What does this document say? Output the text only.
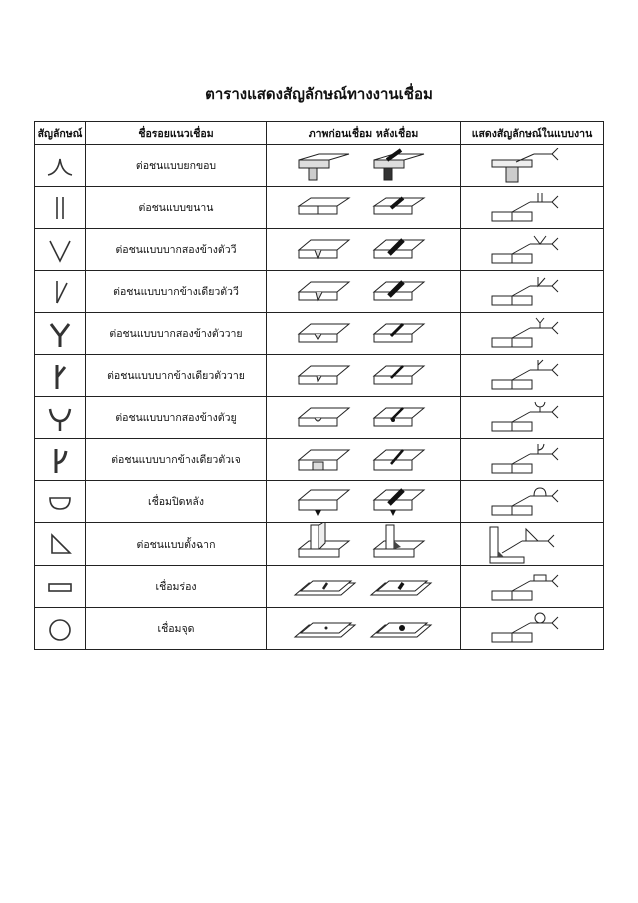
ตารางแสดงสัญลักษณ์ทางงานเชื่อม
สัญลักษณ์	ชื่อรอยแนวเชื่อม	ภาพก่อนเชื่อม หลังเชื่อม	แสดงสัญลักษณ์ในแบบงาน

	ต่อชนแบบยกขอบ	

	ต่อชนแบบขนาน	

	ต่อชนแบบบากสองข้างตัววี	

	ต่อชนแบบบากข้างเดียวตัววี	

	ต่อชนแบบบากสองข้างตัววาย	

	ต่อชนแบบบากข้างเดียวตัววาย	

	ต่อชนแบบบากสองข้างตัวยู	

	ต่อชนแบบบากข้างเดียวตัวเจ	

	เชื่อมปิดหลัง	

	ต่อชนแบบตั้งฉาก	

	เชื่อมร่อง	

	เชื่อมจุด	
